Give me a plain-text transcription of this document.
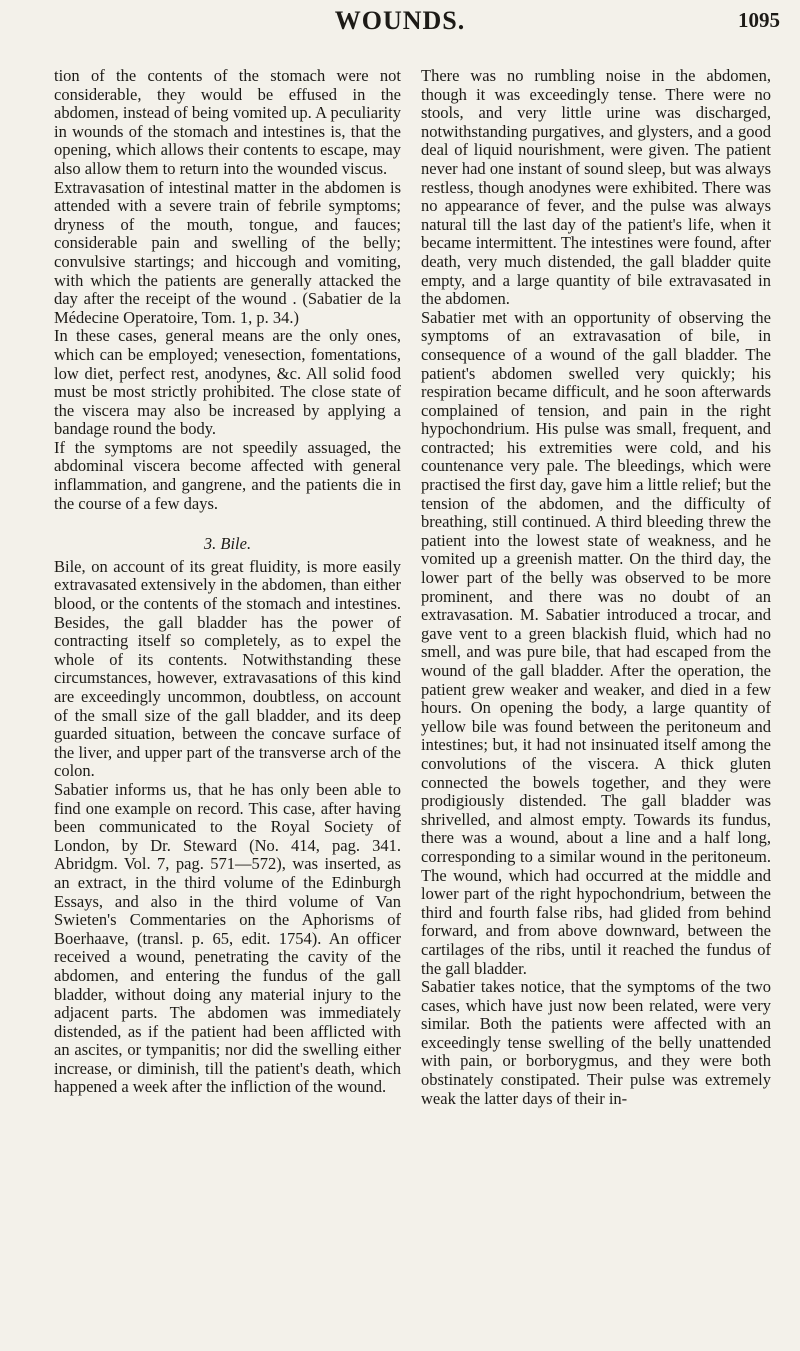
WOUNDS.	1095

tion of the contents of the stomach were not considerable, they would be effused in the abdomen, instead of being vomited up. A peculiarity in wounds of the stomach and intestines is, that the opening, which allows their contents to escape, may also allow them to return into the wounded viscus.

Extravasation of intestinal matter in the abdomen is attended with a severe train of febrile symptoms; dryness of the mouth, tongue, and fauces; considerable pain and swelling of the belly; convulsive startings; and hiccough and vomiting, with which the patients are generally attacked the day after the receipt of the wound . (Sabatier de la Médecine Operatoire, Tom. 1, p. 34.)

In these cases, general means are the only ones, which can be employed; venesection, fomentations, low diet, perfect rest, anodynes, &c. All solid food must be most strictly prohibited. The close state of the viscera may also be increased by applying a bandage round the body.

If the symptoms are not speedily assuaged, the abdominal viscera become affected with general inflammation, and gangrene, and the patients die in the course of a few days.

3. Bile.

Bile, on account of its great fluidity, is more easily extravasated extensively in the abdomen, than either blood, or the contents of the stomach and intestines. Besides, the gall bladder has the power of contracting itself so completely, as to expel the whole of its contents. Notwithstanding these circumstances, however, extravasations of this kind are exceedingly uncommon, doubtless, on account of the small size of the gall bladder, and its deep guarded situation, between the concave surface of the liver, and upper part of the transverse arch of the colon.

Sabatier informs us, that he has only been able to find one example on record. This case, after having been communicated to the Royal Society of London, by Dr. Steward (No. 414, pag. 341. Abridgm. Vol. 7, pag. 571—572), was inserted, as an extract, in the third volume of the Edinburgh Essays, and also in the third volume of Van Swieten's Commentaries on the Aphorisms of Boerhaave, (transl. p. 65, edit. 1754). An officer received a wound, penetrating the cavity of the abdomen, and entering the fundus of the gall bladder, without doing any material injury to the adjacent parts. The abdomen was immediately distended, as if the patient had been afflicted with an ascites, or tympanitis; nor did the swelling either increase, or diminish, till the patient's death, which happened a week after the infliction of the wound.

There was no rumbling noise in the abdomen, though it was exceedingly tense. There were no stools, and very little urine was discharged, notwithstanding purgatives, and glysters, and a good deal of liquid nourishment, were given. The patient never had one instant of sound sleep, but was always restless, though anodynes were exhibited. There was no appearance of fever, and the pulse was always natural till the last day of the patient's life, when it became intermittent. The intestines were found, after death, very much distended, the gall bladder quite empty, and a large quantity of bile extravasated in the abdomen.

Sabatier met with an opportunity of observing the symptoms of an extravasation of bile, in consequence of a wound of the gall bladder. The patient's abdomen swelled very quickly; his respiration became difficult, and he soon afterwards complained of tension, and pain in the right hypochondrium. His pulse was small, frequent, and contracted; his extremities were cold, and his countenance very pale. The bleedings, which were practised the first day, gave him a little relief; but the tension of the abdomen, and the difficulty of breathing, still continued. A third bleeding threw the patient into the lowest state of weakness, and he vomited up a greenish matter. On the third day, the lower part of the belly was observed to be more prominent, and there was no doubt of an extravasation. M. Sabatier introduced a trocar, and gave vent to a green blackish fluid, which had no smell, and was pure bile, that had escaped from the wound of the gall bladder. After the operation, the patient grew weaker and weaker, and died in a few hours. On opening the body, a large quantity of yellow bile was found between the peritoneum and intestines; but, it had not insinuated itself among the convolutions of the viscera. A thick gluten connected the bowels together, and they were prodigiously distended. The gall bladder was shrivelled, and almost empty. Towards its fundus, there was a wound, about a line and a half long, corresponding to a similar wound in the peritoneum. The wound, which had occurred at the middle and lower part of the right hypochondrium, between the third and fourth false ribs, had glided from behind forward, and from above downward, between the cartilages of the ribs, until it reached the fundus of the gall bladder.

Sabatier takes notice, that the symptoms of the two cases, which have just now been related, were very similar. Both the patients were affected with an exceedingly tense swelling of the belly unattended with pain, or borborygmus, and they were both obstinately constipated. Their pulse was extremely weak the latter days of their in-
